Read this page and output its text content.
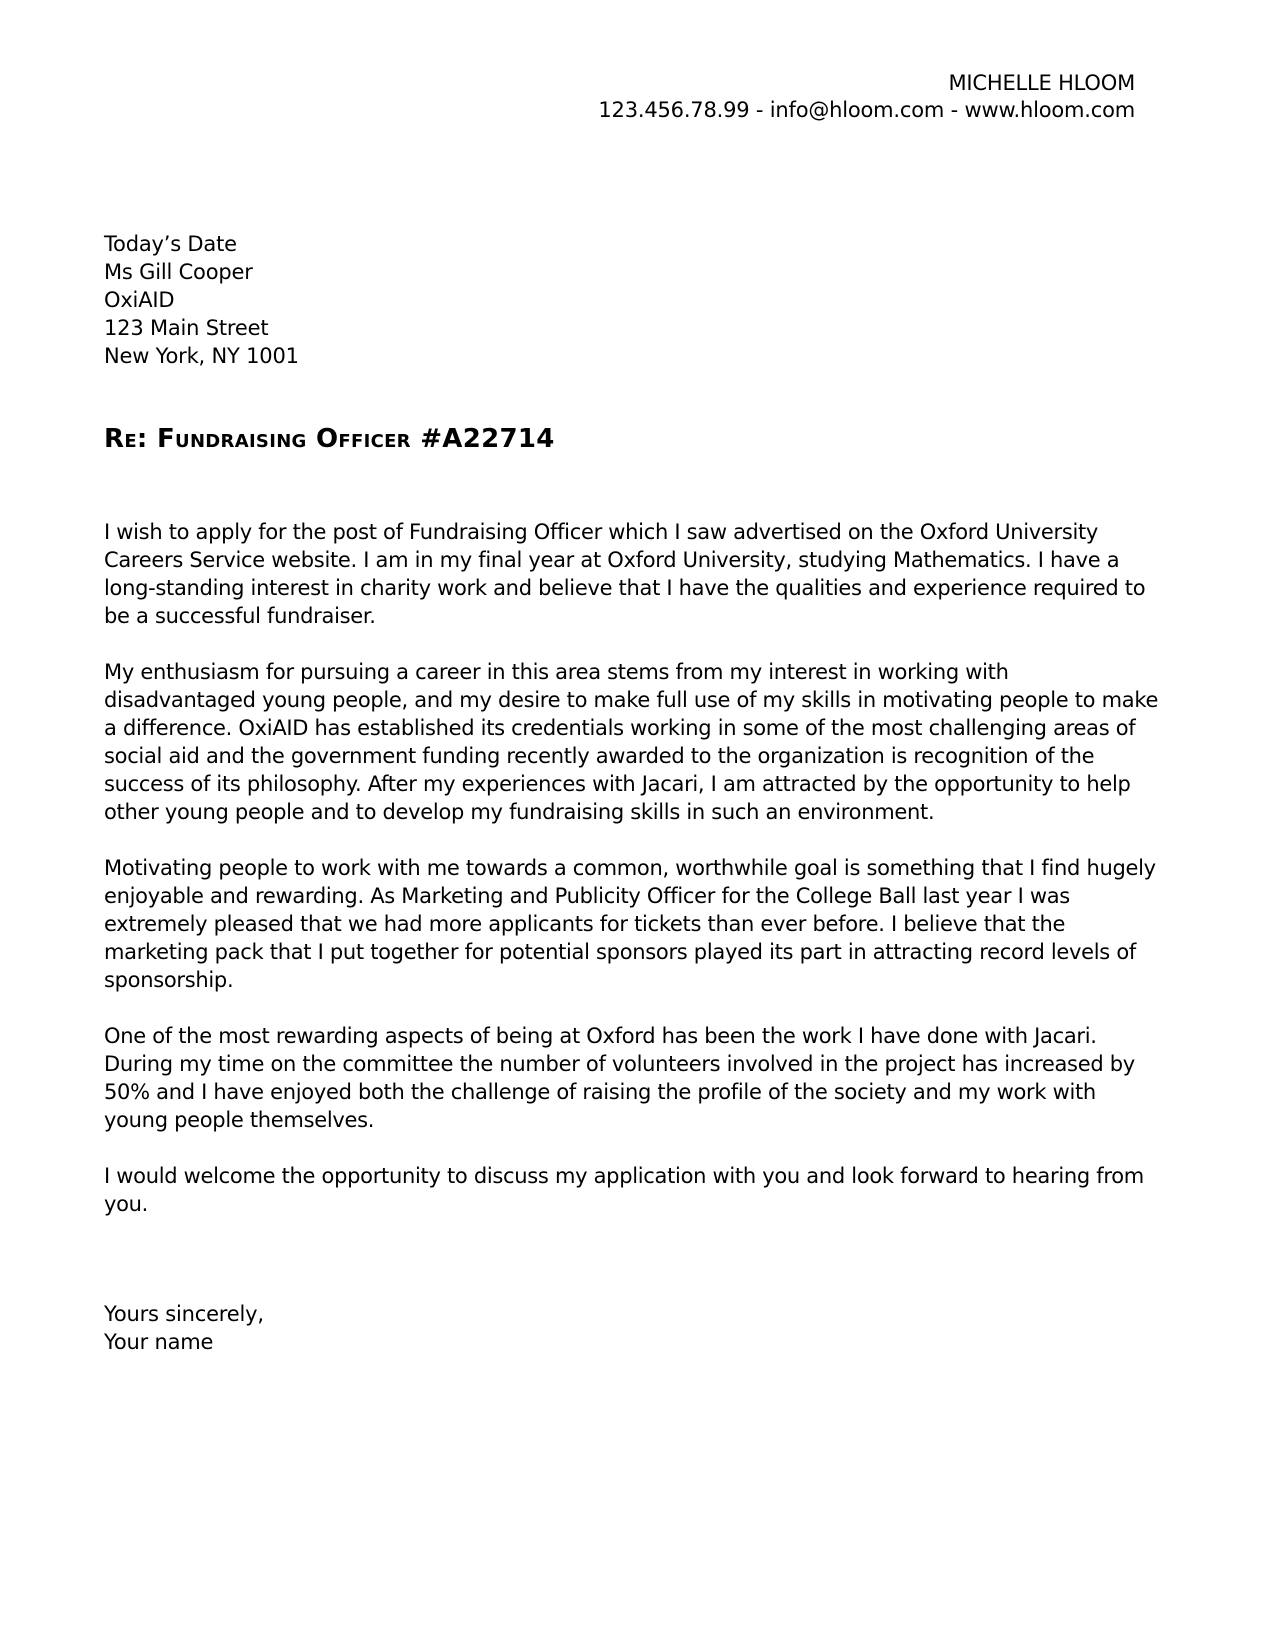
MICHELLE HLOOM
123.456.78.99 - info@hloom.com - www.hloom.com
Today’s Date
Ms Gill Cooper
OxiAID
123 Main Street
New York, NY 1001
Re: Fundraising Officer #A22714

I wish to apply for the post of Fundraising Officer which I saw advertised on the Oxford University Careers Service website. I am in my final year at Oxford University, studying Mathematics. I have a long-standing interest in charity work and believe that I have the qualities and experience required to be a successful fundraiser.

My enthusiasm for pursuing a career in this area stems from my interest in working with disadvantaged young people, and my desire to make full use of my skills in motivating people to make a difference. OxiAID has established its credentials working in some of the most challenging areas of social aid and the government funding recently awarded to the organization is recognition of the success of its philosophy. After my experiences with Jacari, I am attracted by the opportunity to help other young people and to develop my fundraising skills in such an environment.

Motivating people to work with me towards a common, worthwhile goal is something that I find hugely enjoyable and rewarding. As Marketing and Publicity Officer for the College Ball last year I was extremely pleased that we had more applicants for tickets than ever before. I believe that the marketing pack that I put together for potential sponsors played its part in attracting record levels of sponsorship.

One of the most rewarding aspects of being at Oxford has been the work I have done with Jacari. During my time on the committee the number of volunteers involved in the project has increased by 50% and I have enjoyed both the challenge of raising the profile of the society and my work with young people themselves.

I would welcome the opportunity to discuss my application with you and look forward to hearing from you.

Yours sincerely,
Your name
